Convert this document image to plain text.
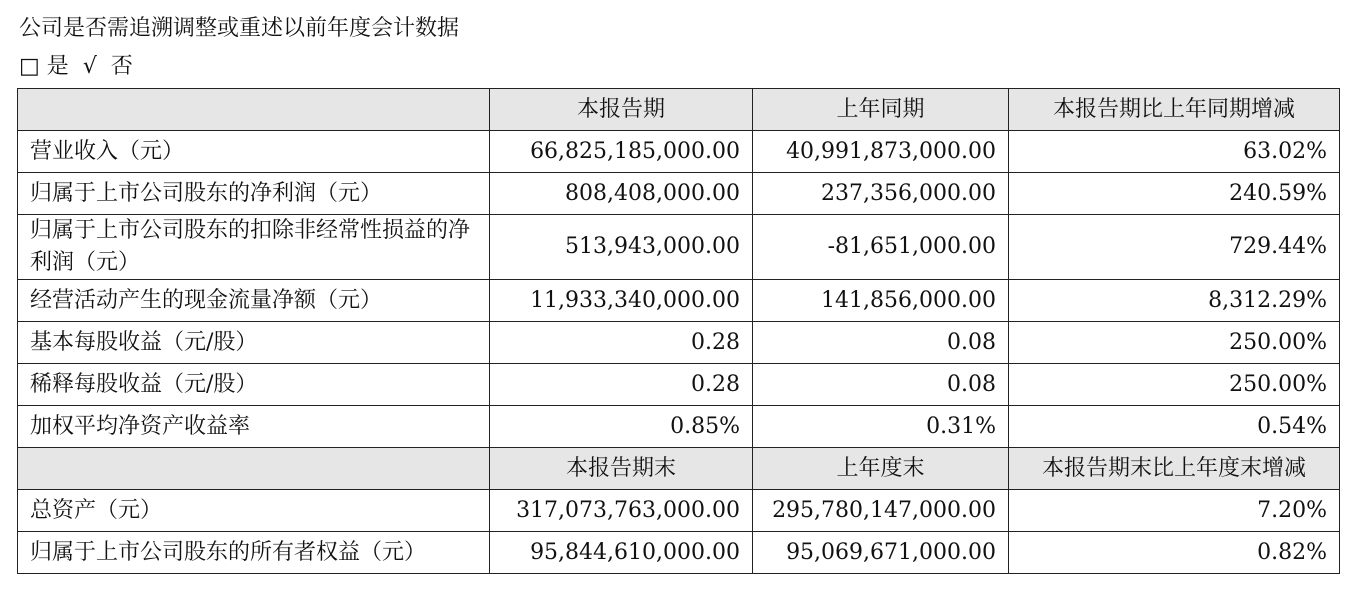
公司是否需追溯调整或重述以前年度会计数据
□ 是 √ 否
	本报告期	上年同期	本报告期比上年同期增减
营业收入（元）	66,825,185,000.00	40,991,873,000.00	63.02%
归属于上市公司股东的净利润（元）	808,408,000.00	237,356,000.00	240.59%
归属于上市公司股东的扣除非经常性损益的净利润（元）	513,943,000.00	-81,651,000.00	729.44%
经营活动产生的现金流量净额（元）	11,933,340,000.00	141,856,000.00	8,312.29%
基本每股收益（元/股）	0.28	0.08	250.00%
稀释每股收益（元/股）	0.28	0.08	250.00%
加权平均净资产收益率	0.85%	0.31%	0.54%
	本报告期末	上年度末	本报告期末比上年度末增减
总资产（元）	317,073,763,000.00	295,780,147,000.00	7.20%
归属于上市公司股东的所有者权益（元）	95,844,610,000.00	95,069,671,000.00	0.82%
